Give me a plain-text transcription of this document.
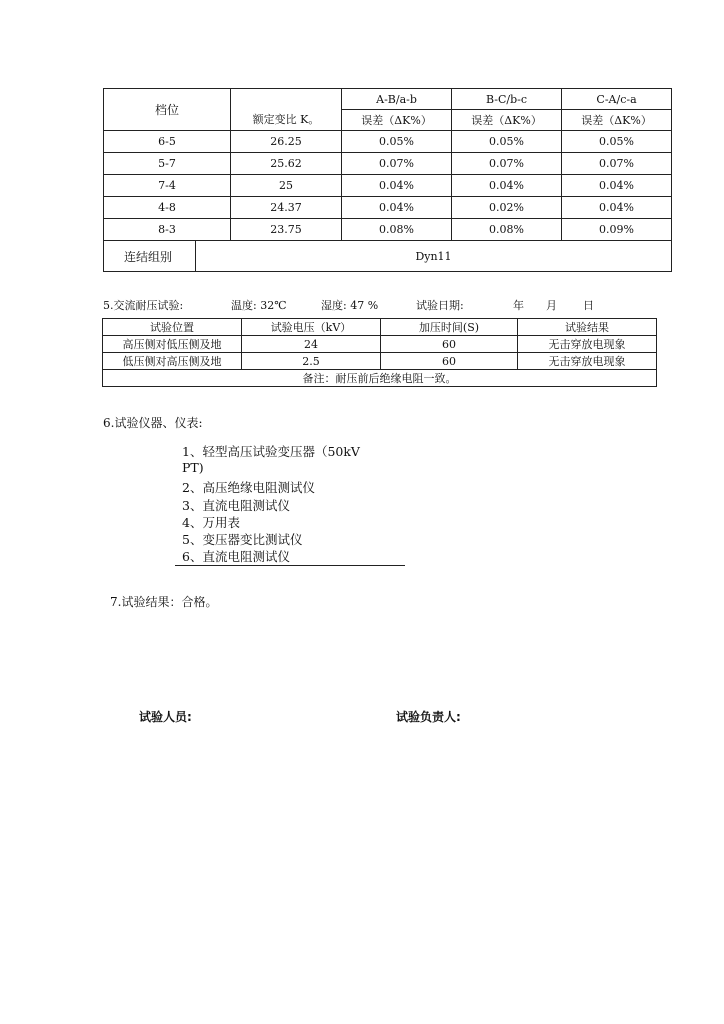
档位		额定变比 K。	A-B/a-b	B-C/b-c	C-A/c-a
			误差（ΔK%）	误差（ΔK%）	误差（ΔK%）
6-5		26.25	0.05%	0.05%	0.05%
5-7		25.62	0.07%	0.07%	0.07%
7-4		25	0.04%	0.04%	0.04%
4-8		24.37	0.04%	0.02%	0.04%
8-3		23.75	0.08%	0.08%	0.09%
连结组别	Dyn11				
5.交流耐压试验:	温度: 32℃	湿度: 47 %	试验日期:	年 月 日
试验位置	试验电压（kV）	加压时间(S)	试验结果
高压侧对低压侧及地	24	60	无击穿放电现象
低压侧对高压侧及地	2.5	60	无击穿放电现象
备注：耐压前后绝缘电阻一致。			
6.试验仪器、仪表:
1、轻型高压试验变压器（50kV
PT)
2、高压绝缘电阻测试仪
3、直流电阻测试仪
4、万用表
5、变压器变比测试仪
6、直流电阻测试仪
7.试验结果：合格。
试验人员:	试验负责人:
